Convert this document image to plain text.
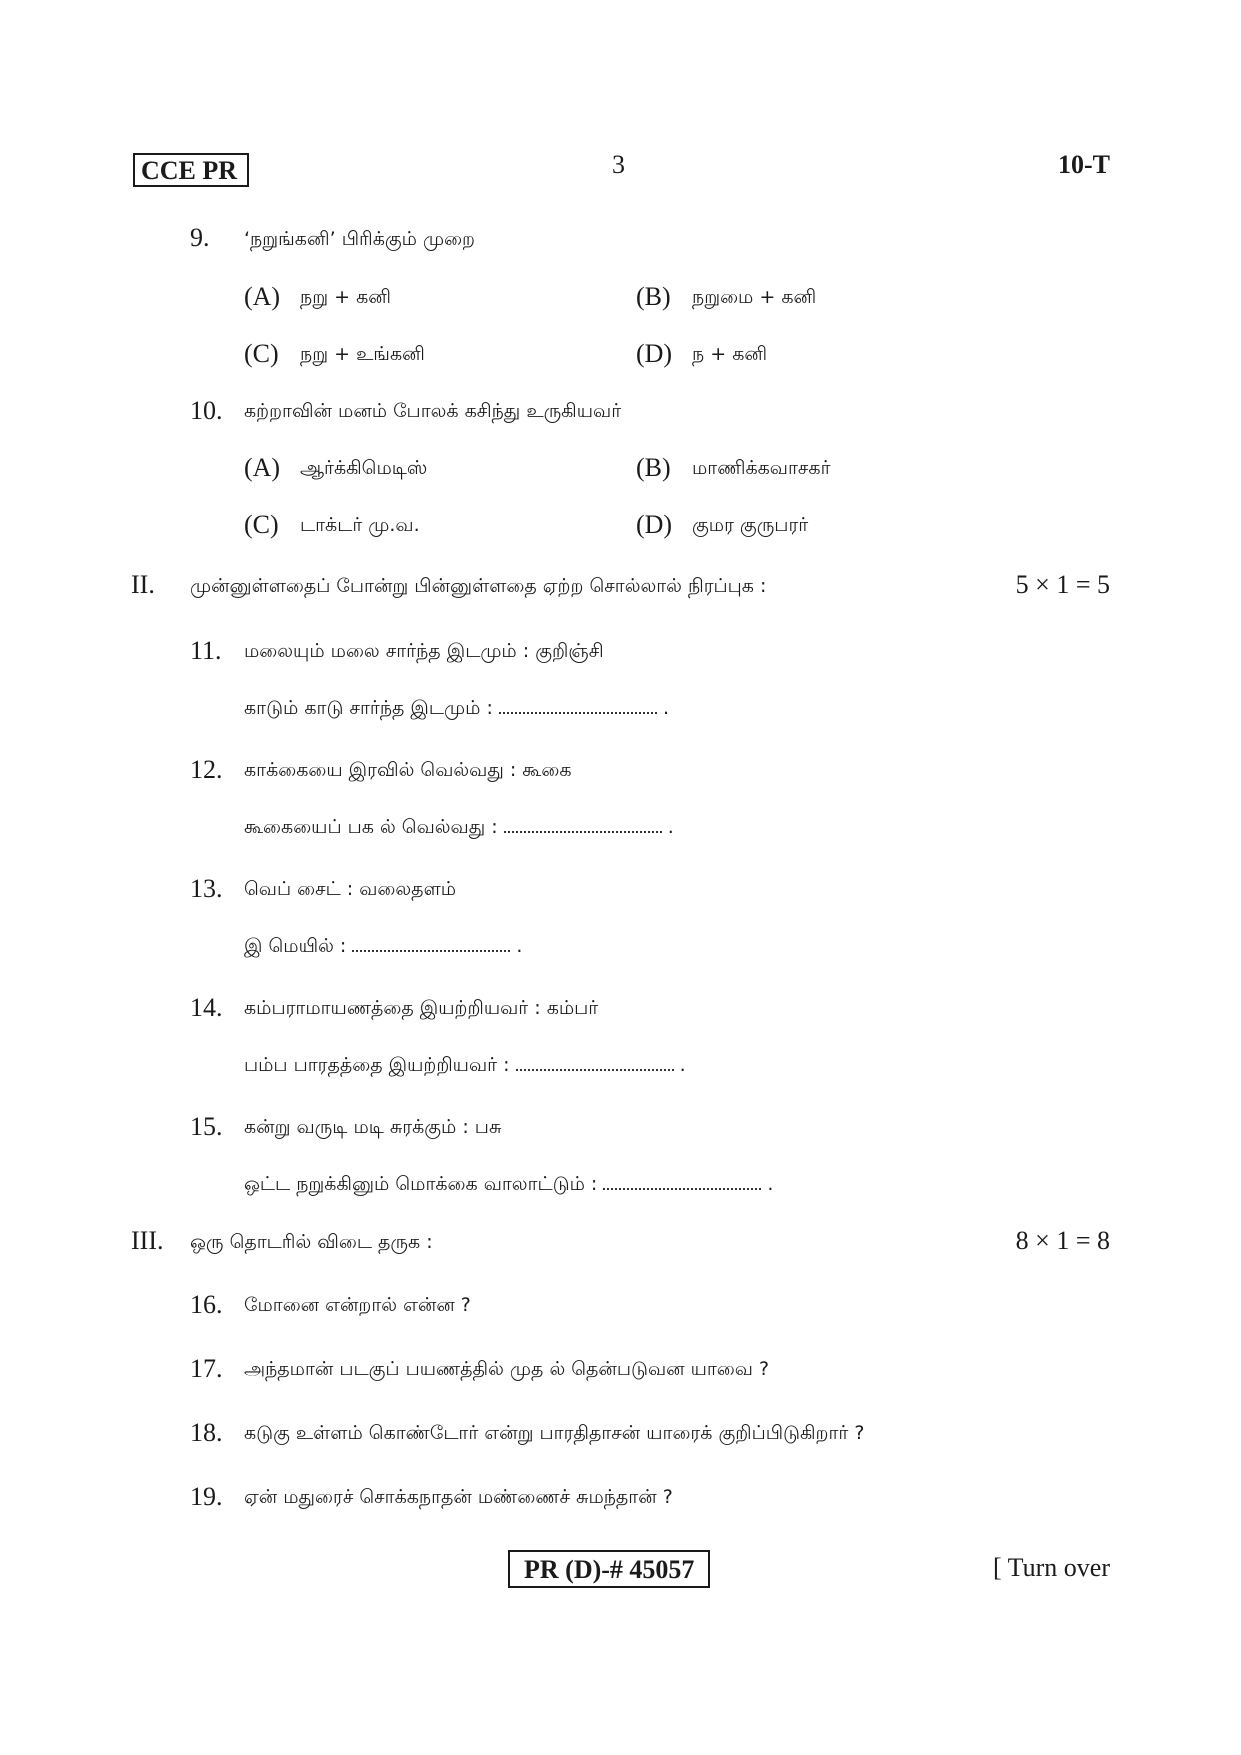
CCE PR	3	10-T
9. ‘நறுங்கனி’ பிரிக்கும் முறை
(A) நறு + கனி	(B) நறுமை + கனி
(C) நறு + உங்கனி	(D) ந + கனி
10. கற்றாவின் மனம் போலக் கசிந்து உருகியவர்
(A) ஆர்க்கிமெடிஸ்	(B) மாணிக்கவாசகர்
(C) டாக்டர் மு.வ.	(D) குமர குருபரர்
II. முன்னுள்ளதைப் போன்று பின்னுள்ளதை ஏற்ற சொல்லால் நிரப்புக :	5 × 1 = 5
11. மலையும் மலை சார்ந்த இடமும் : குறிஞ்சி
காடும் காடு சார்ந்த இடமும் :	.
12. காக்கையை இரவில் வெல்வது : கூகை
கூகையைப் பக ல் வெல்வது :	.
13. வெப் சைட் : வலைதளம்
இ மெயில் :	.
14. கம்பராமாயணத்தை இயற்றியவர் : கம்பர்
பம்ப பாரதத்தை இயற்றியவர் :	.
15. கன்று வருடி மடி சுரக்கும் : பசு
ஒட்ட நறுக்கினும் மொக்கை வாலாட்டும் :	.
III. ஒரு தொடரில் விடை தருக :	8 × 1 = 8
16. மோனை என்றால் என்ன ?
17. அந்தமான் படகுப் பயணத்தில் முத ல் தென்படுவன யாவை ?
18. கடுகு உள்ளம் கொண்டோர் என்று பாரதிதாசன் யாரைக் குறிப்பிடுகிறார் ?
19. ஏன் மதுரைச் சொக்கநாதன் மண்ணைச் சுமந்தான் ?
PR (D)-# 45057	[ Turn over
